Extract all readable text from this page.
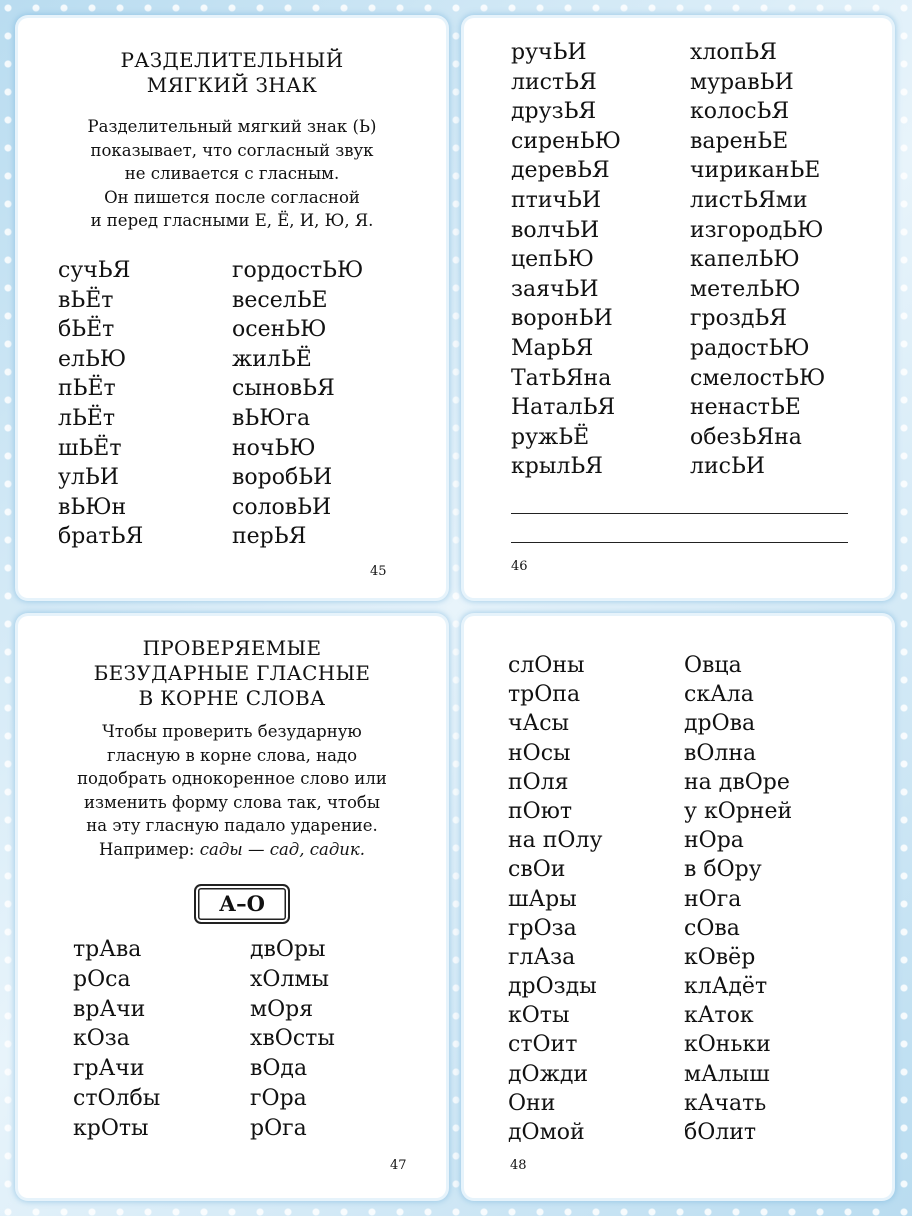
РАЗДЕЛИТЕЛЬНЫЙ
МЯГКИЙ ЗНАК
Разделительный мягкий знак (Ь)
показывает, что согласный звук
не сливается с гласным.
Он пишется после согласной
и перед гласными Е, Ё, И, Ю, Я.
сучЬЯ
вЬЁт
бЬЁт
елЬЮ
пЬЁт
лЬЁт
шЬЁт
улЬИ
вЬЮн
братЬЯ
гордостЬЮ
веселЬЕ
осенЬЮ
жилЬЁ
сыновЬЯ
вЬЮга
ночЬЮ
воробЬИ
соловЬИ
перЬЯ
45
ручЬИ
листЬЯ
друзЬЯ
сиренЬЮ
деревЬЯ
птичЬИ
волчЬИ
цепЬЮ
заячЬИ
воронЬИ
МарЬЯ
ТатЬЯна
НаталЬЯ
ружЬЁ
крылЬЯ
хлопЬЯ
муравЬИ
колосЬЯ
варенЬЕ
чириканЬЕ
листЬЯми
изгородЬЮ
капелЬЮ
метелЬЮ
гроздЬЯ
радостЬЮ
смелостЬЮ
ненастЬЕ
обезЬЯна
лисЬИ
46
ПРОВЕРЯЕМЫЕ
БЕЗУДАРНЫЕ ГЛАСНЫЕ
В КОРНЕ СЛОВА
Чтобы проверить безударную
гласную в корне слова, надо
подобрать однокоренное слово или
изменить форму слова так, чтобы
на эту гласную падало ударение.
Например: сады — сад, садик.
А–О
трАва
рОса
врАчи
кОза
грАчи
стОлбы
крОты
двОры
хОлмы
мОря
хвОсты
вОда
гОра
рОга
47
слОны
трОпа
чАсы
нОсы
пОля
пОют
на пОлу
свОи
шАры
грОза
глАза
дрОзды
кОты
стОит
дОжди
Они
дОмой
Овца
скАла
дрОва
вОлна
на двОре
у кОрней
нОра
в бОру
нОга
сОва
кОвёр
клАдёт
кАток
кОньки
мАлыш
кАчать
бОлит
48
